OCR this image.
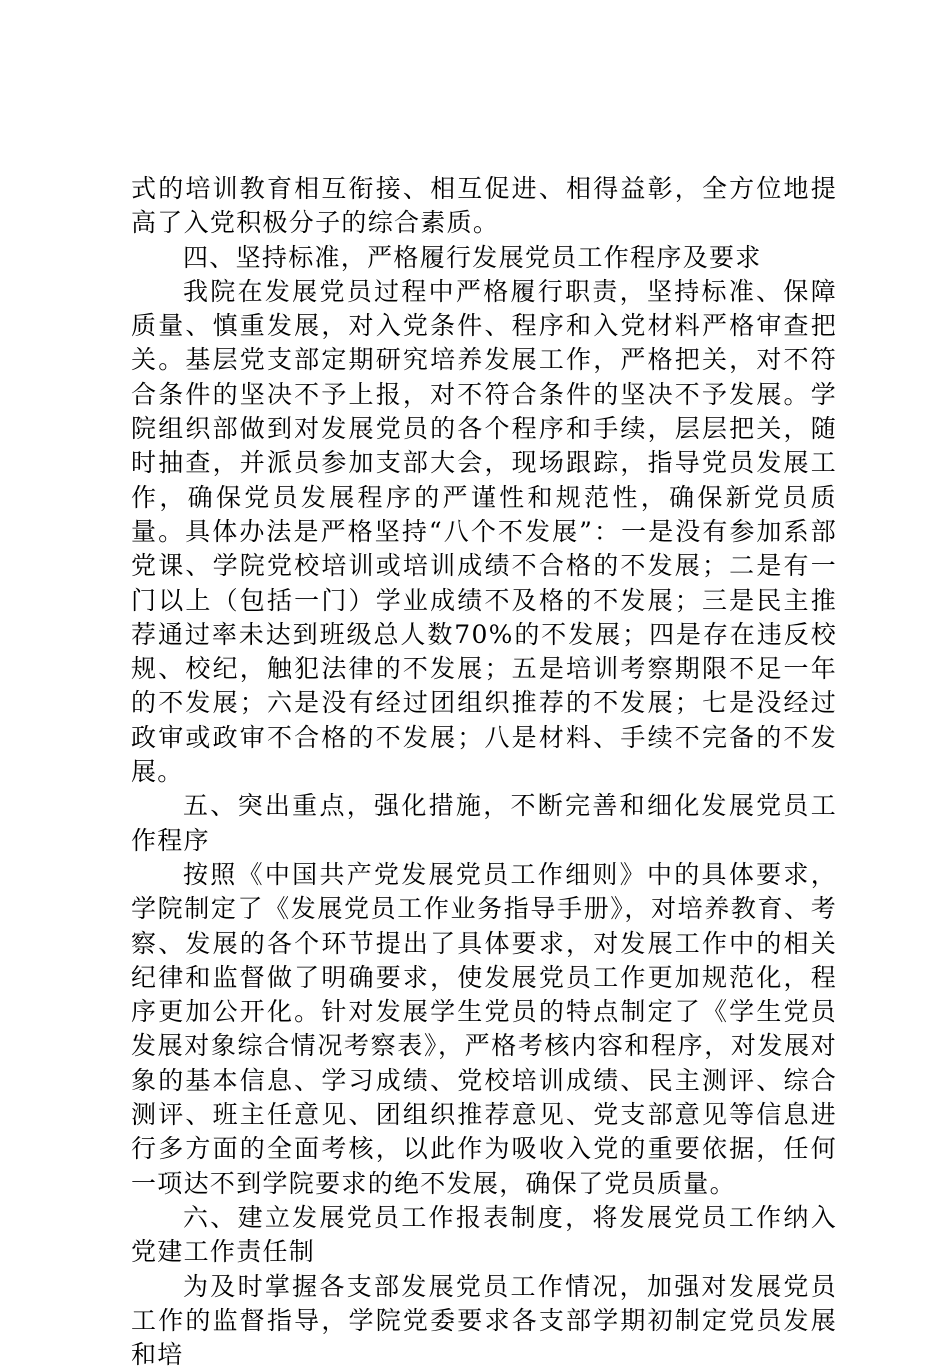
式的培训教育相互衔接、相互促进、相得益彰，全方位地提高了入党积极分子的综合素质。

四、坚持标准，严格履行发展党员工作程序及要求

我院在发展党员过程中严格履行职责，坚持标准、保障质量、慎重发展，对入党条件、程序和入党材料严格审查把关。基层党支部定期研究培养发展工作，严格把关，对不符合条件的坚决不予上报，对不符合条件的坚决不予发展。学院组织部做到对发展党员的各个程序和手续，层层把关，随时抽查，并派员参加支部大会，现场跟踪，指导党员发展工作，确保党员发展程序的严谨性和规范性，确保新党员质量。具体办法是严格坚持“八个不发展”：一是没有参加系部党课、学院党校培训或培训成绩不合格的不发展；二是有一门以上（包括一门）学业成绩不及格的不发展；三是民主推荐通过率未达到班级总人数70%的不发展；四是存在违反校规、校纪，触犯法律的不发展；五是培训考察期限不足一年的不发展；六是没有经过团组织推荐的不发展；七是没经过政审或政审不合格的不发展；八是材料、手续不完备的不发展。

五、突出重点，强化措施，不断完善和细化发展党员工作程序

按照《中国共产党发展党员工作细则》中的具体要求，学院制定了《发展党员工作业务指导手册》，对培养教育、考察、发展的各个环节提出了具体要求，对发展工作中的相关纪律和监督做了明确要求，使发展党员工作更加规范化，程序更加公开化。针对发展学生党员的特点制定了《学生党员发展对象综合情况考察表》，严格考核内容和程序，对发展对象的基本信息、学习成绩、党校培训成绩、民主测评、综合测评、班主任意见、团组织推荐意见、党支部意见等信息进行多方面的全面考核，以此作为吸收入党的重要依据，任何一项达不到学院要求的绝不发展，确保了党员质量。

六、建立发展党员工作报表制度，将发展党员工作纳入党建工作责任制

为及时掌握各支部发展党员工作情况，加强对发展党员工作的监督指导，学院党委要求各支部学期初制定党员发展和培
